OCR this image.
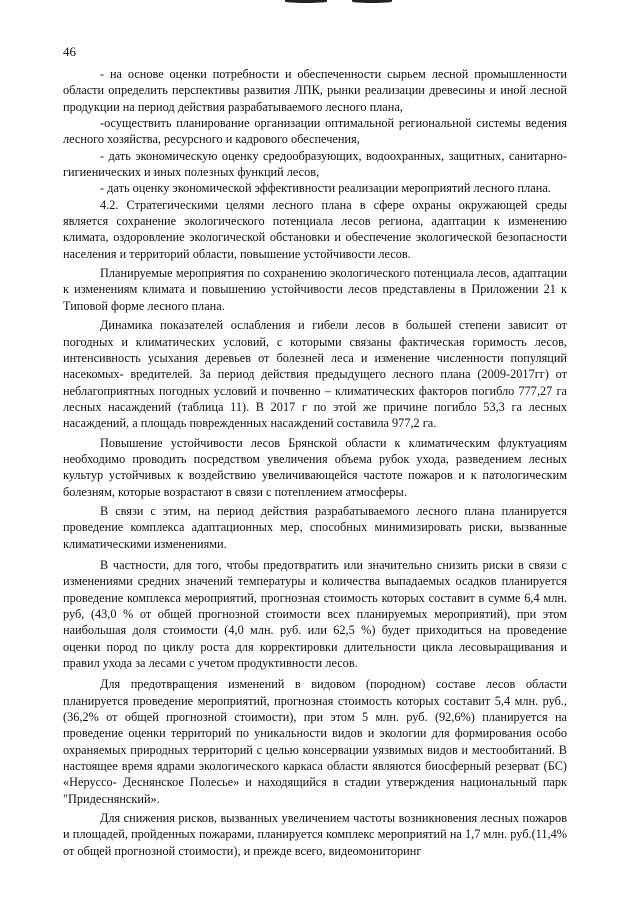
46

- на основе оценки потребности и обеспеченности сырьем лесной промышленности области определить перспективы развития ЛПК, рынки реализации древесины и иной лесной продукции на период действия разрабатываемого лесного плана,

-осуществить планирование организации оптимальной региональной системы ведения лесного хозяйства, ресурсного и кадрового обеспечения,

- дать экономическую оценку средообразующих, водоохранных, защитных, санитарно-гигиенических и иных полезных функций лесов,

- дать оценку экономической эффективности реализации мероприятий лесного плана.

4.2. Стратегическими целями лесного плана в сфере охраны окружающей среды является сохранение экологического потенциала лесов региона, адаптации к изменению климата, оздоровление экологической обстановки и обеспечение экологической безопасности населения и территорий области, повышение устойчивости лесов.

Планируемые мероприятия по сохранению экологического потенциала лесов, адаптации к изменениям климата и повышению устойчивости лесов представлены в Приложении 21 к Типовой форме лесного плана.

Динамика показателей ослабления и гибели лесов в большей степени зависит от погодных и климатических условий, с которыми связаны фактическая горимость лесов, интенсивность усыхания деревьев от болезней леса и изменение численности популяций насекомых- вредителей. За период действия предыдущего лесного плана (2009-2017гг) от неблагоприятных погодных условий и почвенно – климатических факторов погибло 777,27 га лесных насаждений (таблица 11). В 2017 г по этой же причине погибло 53,3 га лесных насаждений, а площадь поврежденных насаждений составила 977,2 га.

Повышение устойчивости лесов Брянской области к климатическим флуктуациям необходимо проводить посредством увеличения объема рубок ухода, разведением лесных культур устойчивых к воздействию увеличивающейся частоте пожаров и к патологическим болезням, которые возрастают в связи с потеплением атмосферы.

В связи с этим, на период действия разрабатываемого лесного плана планируется проведение комплекса адаптационных мер, способных минимизировать риски, вызванные климатическими изменениями.

В частности, для того, чтобы предотвратить или значительно снизить риски в связи с изменениями средних значений температуры и количества выпадаемых осадков планируется проведение комплекса мероприятий, прогнозная стоимость которых составит в сумме 6,4 млн. руб, (43,0 % от общей прогнозной стоимости всех планируемых мероприятий), при этом наибольшая доля стоимости (4,0 млн. руб. или 62,5 %) будет приходиться на проведение оценки пород по циклу роста для корректировки длительности цикла лесовыращивания и правил ухода за лесами с учетом продуктивности лесов.

Для предотвращения изменений в видовом (породном) составе лесов области планируется проведение мероприятий, прогнозная стоимость которых составит 5,4 млн. руб.,(36,2% от общей прогнозной стоимости), при этом 5 млн. руб. (92,6%) планируется на проведение оценки территорий по уникальности видов и экологии для формирования особо охраняемых природных территорий с целью консервации уязвимых видов и местообитаний. В настоящее время ядрами экологического каркаса области являются биосферный резерват (БС) «Неруссо- Деснянское Полесье» и находящийся в стадии утверждения национальный парк "Придеснянский».

Для снижения рисков, вызванных увеличением частоты возникновения лесных пожаров и площадей, пройденных пожарами, планируется комплекс мероприятий на 1,7 млн. руб.(11,4% от общей прогнозной стоимости), и прежде всего, видеомониторинг
